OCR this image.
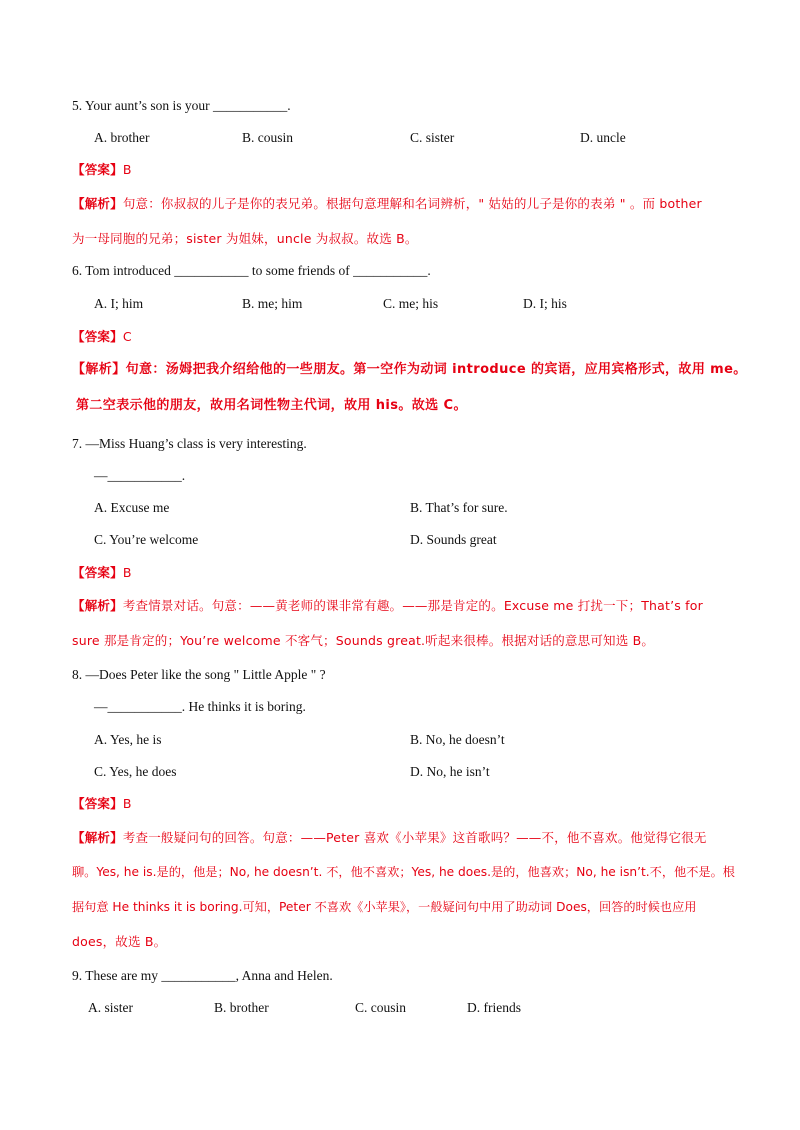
5. Your aunt’s son is your ___________.
A. brother	B. cousin	C. sister	D. uncle
【答案】B
【解析】句意：你叔叔的儿子是你的表兄弟。根据句意理解和名词辨析，" 姑姑的儿子是你的表弟 " 。而 bother
为一母同胞的兄弟；sister 为姐妹，uncle 为叔叔。故选 B。
6. Tom introduced ___________ to some friends of ___________.
A. I; him	B. me; him	C. me; his	D. I; his
【答案】C
【解析】句意：汤姆把我介绍给他的一些朋友。第一空作为动词 introduce 的宾语，应用宾格形式，故用 me。
第二空表示他的朋友，故用名词性物主代词，故用 his。故选 C。
7. —Miss Huang’s class is very interesting.
—___________.
A. Excuse me	B. That’s for sure.
C. You’re welcome	D. Sounds great
【答案】B
【解析】考查情景对话。句意：——黄老师的课非常有趣。——那是肯定的。Excuse me 打扰一下；That’s for
sure 那是肯定的；You’re welcome 不客气；Sounds great.听起来很棒。根据对话的意思可知选 B。
8. —Does Peter like the song " Little Apple " ?
—___________. He thinks it is boring.
A. Yes, he is	B. No, he doesn’t
C. Yes, he does	D. No, he isn’t
【答案】B
【解析】考查一般疑问句的回答。句意：——Peter 喜欢《小苹果》这首歌吗？——不，他不喜欢。他觉得它很无
聊。Yes, he is.是的，他是；No, he doesn’t. 不，他不喜欢；Yes, he does.是的，他喜欢；No, he isn’t.不，他不是。根
据句意 He thinks it is boring.可知，Peter 不喜欢《小苹果》，一般疑问句中用了助动词 Does，回答的时候也应用
does，故选 B。
9. These are my ___________, Anna and Helen.
A. sister	B. brother	C. cousin	D. friends
